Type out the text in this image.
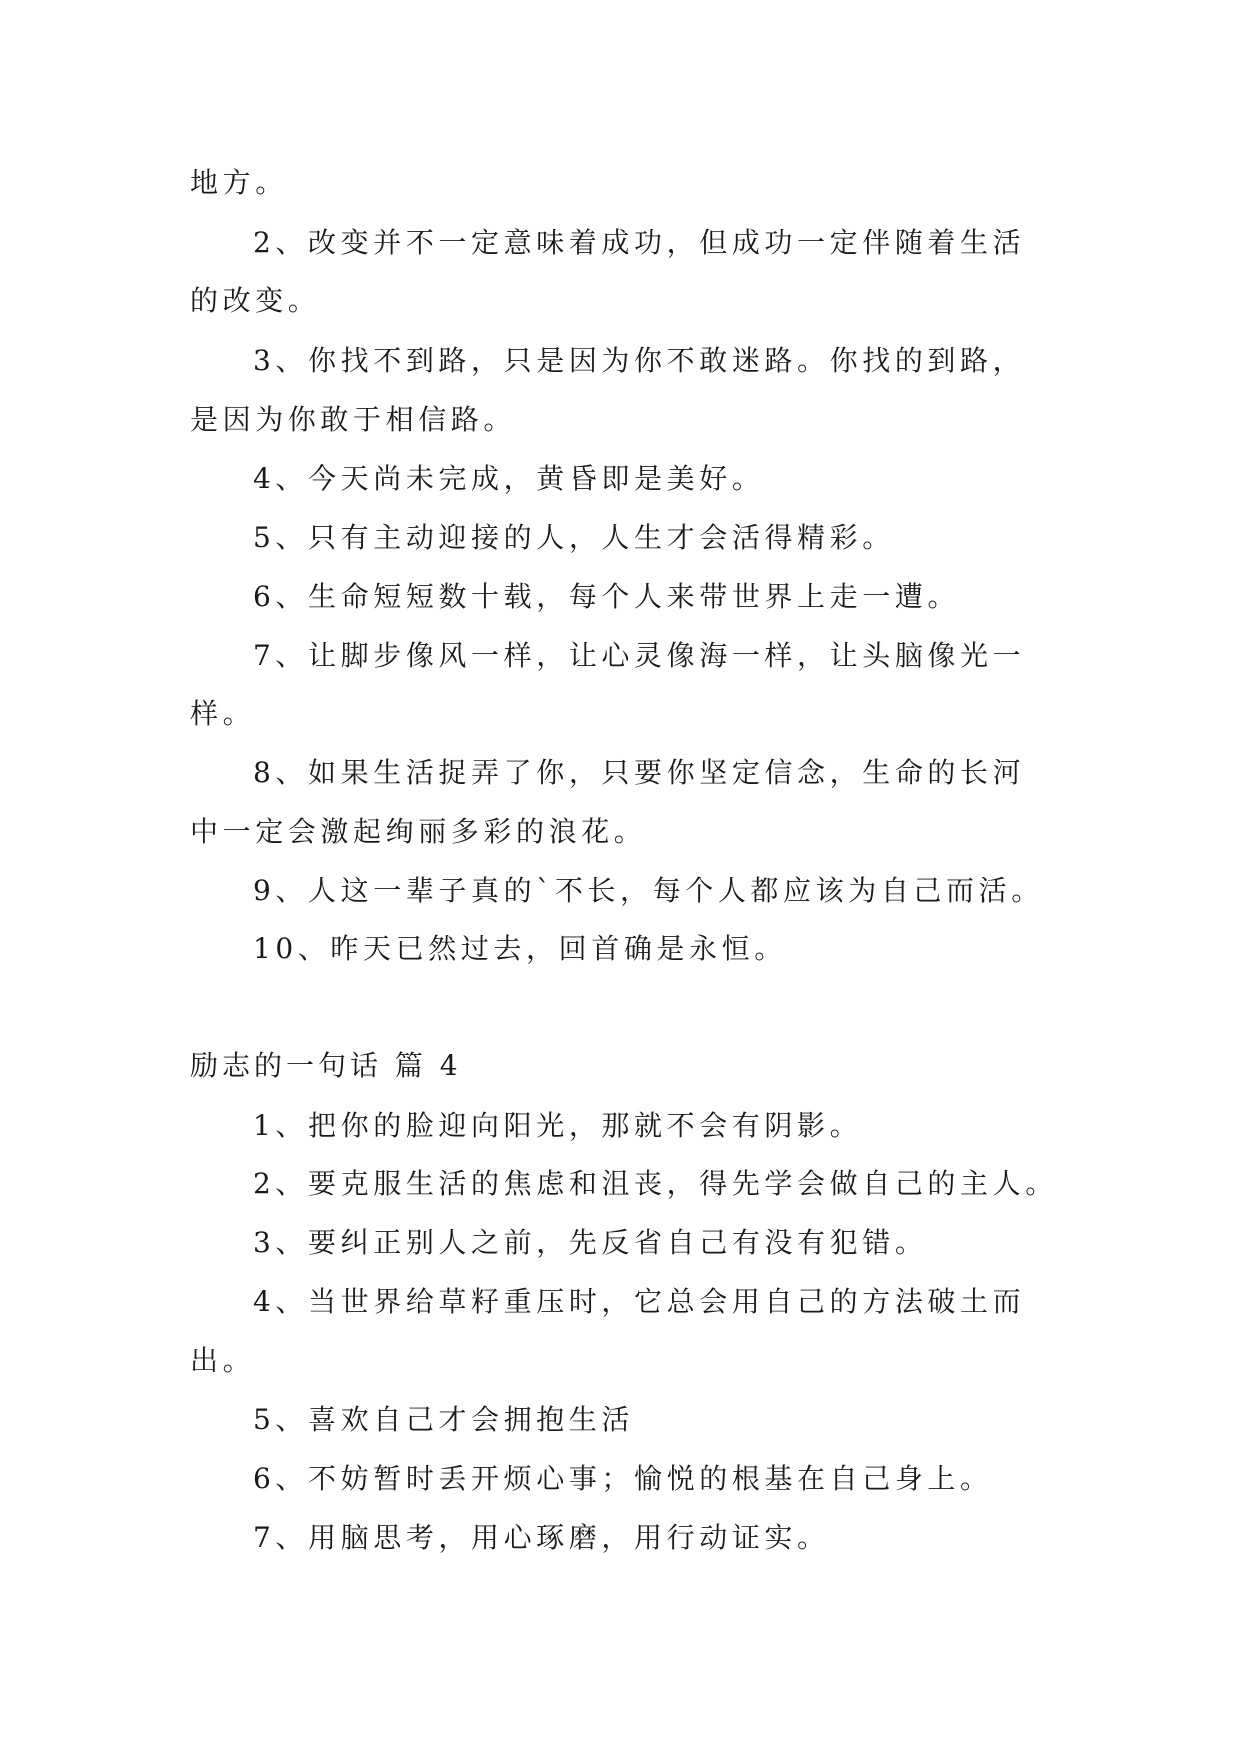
地方。
2、改变并不一定意味着成功，但成功一定伴随着生活
的改变。
3、你找不到路，只是因为你不敢迷路。你找的到路，
是因为你敢于相信路。
4、今天尚未完成，黄昏即是美好。
5、只有主动迎接的人，人生才会活得精彩。
6、生命短短数十载，每个人来带世界上走一遭。
7、让脚步像风一样，让心灵像海一样，让头脑像光一
样。
8、如果生活捉弄了你，只要你坚定信念，生命的长河
中一定会激起绚丽多彩的浪花。
9、人这一辈子真的`不长，每个人都应该为自己而活。
10、昨天已然过去，回首确是永恒。
励志的一句话 篇 4
1、把你的脸迎向阳光，那就不会有阴影。
2、要克服生活的焦虑和沮丧，得先学会做自己的主人。
3、要纠正别人之前，先反省自己有没有犯错。
4、当世界给草籽重压时，它总会用自己的方法破土而
出。
5、喜欢自己才会拥抱生活
6、不妨暂时丢开烦心事；愉悦的根基在自己身上。
7、用脑思考，用心琢磨，用行动证实。
